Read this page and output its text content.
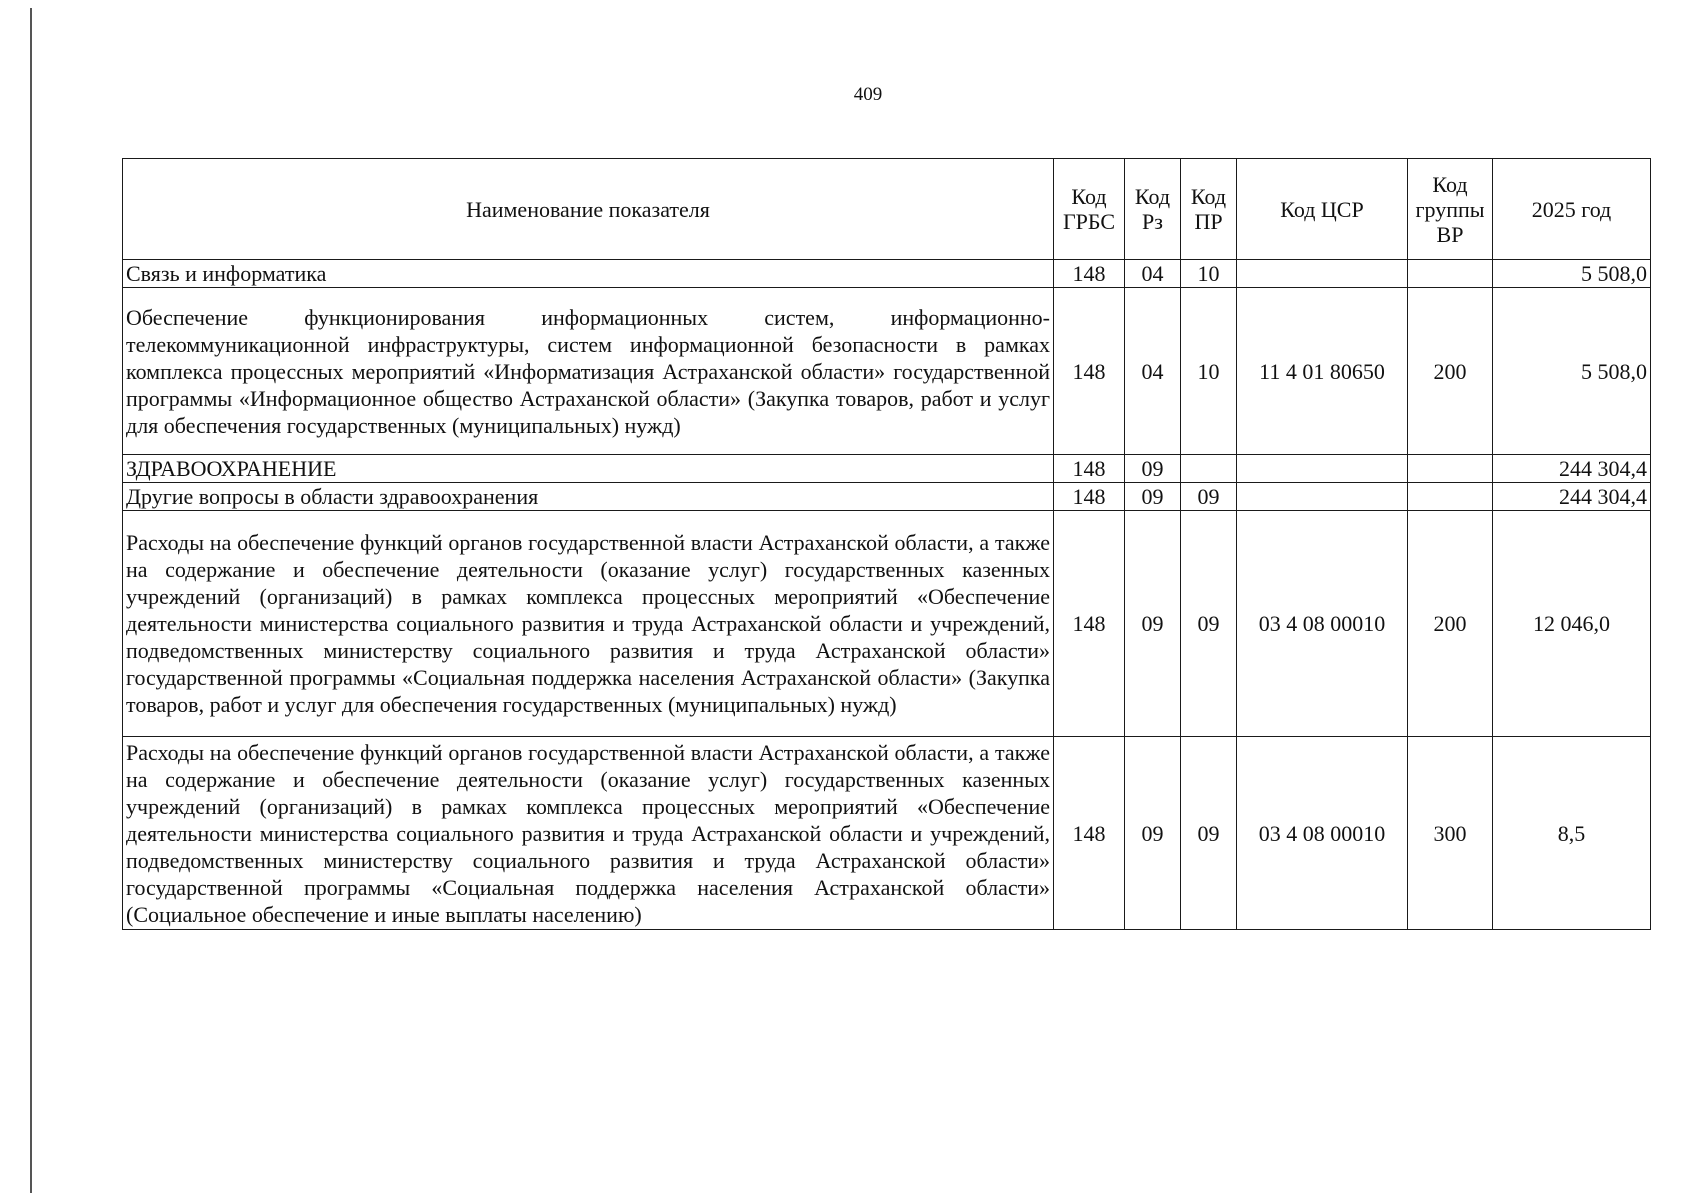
409
Наименование показателя	Код ГРБС	Код Рз	Код ПР	Код ЦСР	Код группы ВР	2025 год
Связь и информатика	148	04	10			5 508,0
Обеспечение функционирования информационных систем, информационно-телекоммуникационной инфраструктуры, систем информационной безопасности в рамках комплекса процессных мероприятий «Информатизация Астраханской области» государственной программы «Информационное общество Астраханской области» (Закупка товаров, работ и услуг для обеспечения государственных (муниципальных) нужд)	148	04	10	11 4 01 80650	200	5 508,0
ЗДРАВООХРАНЕНИЕ	148	09				244 304,4
Другие вопросы в области здравоохранения	148	09	09			244 304,4
Расходы на обеспечение функций органов государственной власти Астраханской области, а также на содержание и обеспечение деятельности (оказание услуг) государственных казенных учреждений (организаций) в рамках комплекса процессных мероприятий «Обеспечение деятельности министерства социального развития и труда Астраханской области и учреждений, подведомственных министерству социального развития и труда Астраханской области» государственной программы «Социальная поддержка населения Астраханской области» (Закупка товаров, работ и услуг для обеспечения государственных (муниципальных) нужд)	148	09	09	03 4 08 00010	200	12 046,0
Расходы на обеспечение функций органов государственной власти Астраханской области, а также на содержание и обеспечение деятельности (оказание услуг) государственных казенных учреждений (организаций) в рамках комплекса процессных мероприятий «Обеспечение деятельности министерства социального развития и труда Астраханской области и учреждений, подведомственных министерству социального развития и труда Астраханской области» государственной программы «Социальная поддержка населения Астраханской области» (Социальное обеспечение и иные выплаты населению)	148	09	09	03 4 08 00010	300	8,5
